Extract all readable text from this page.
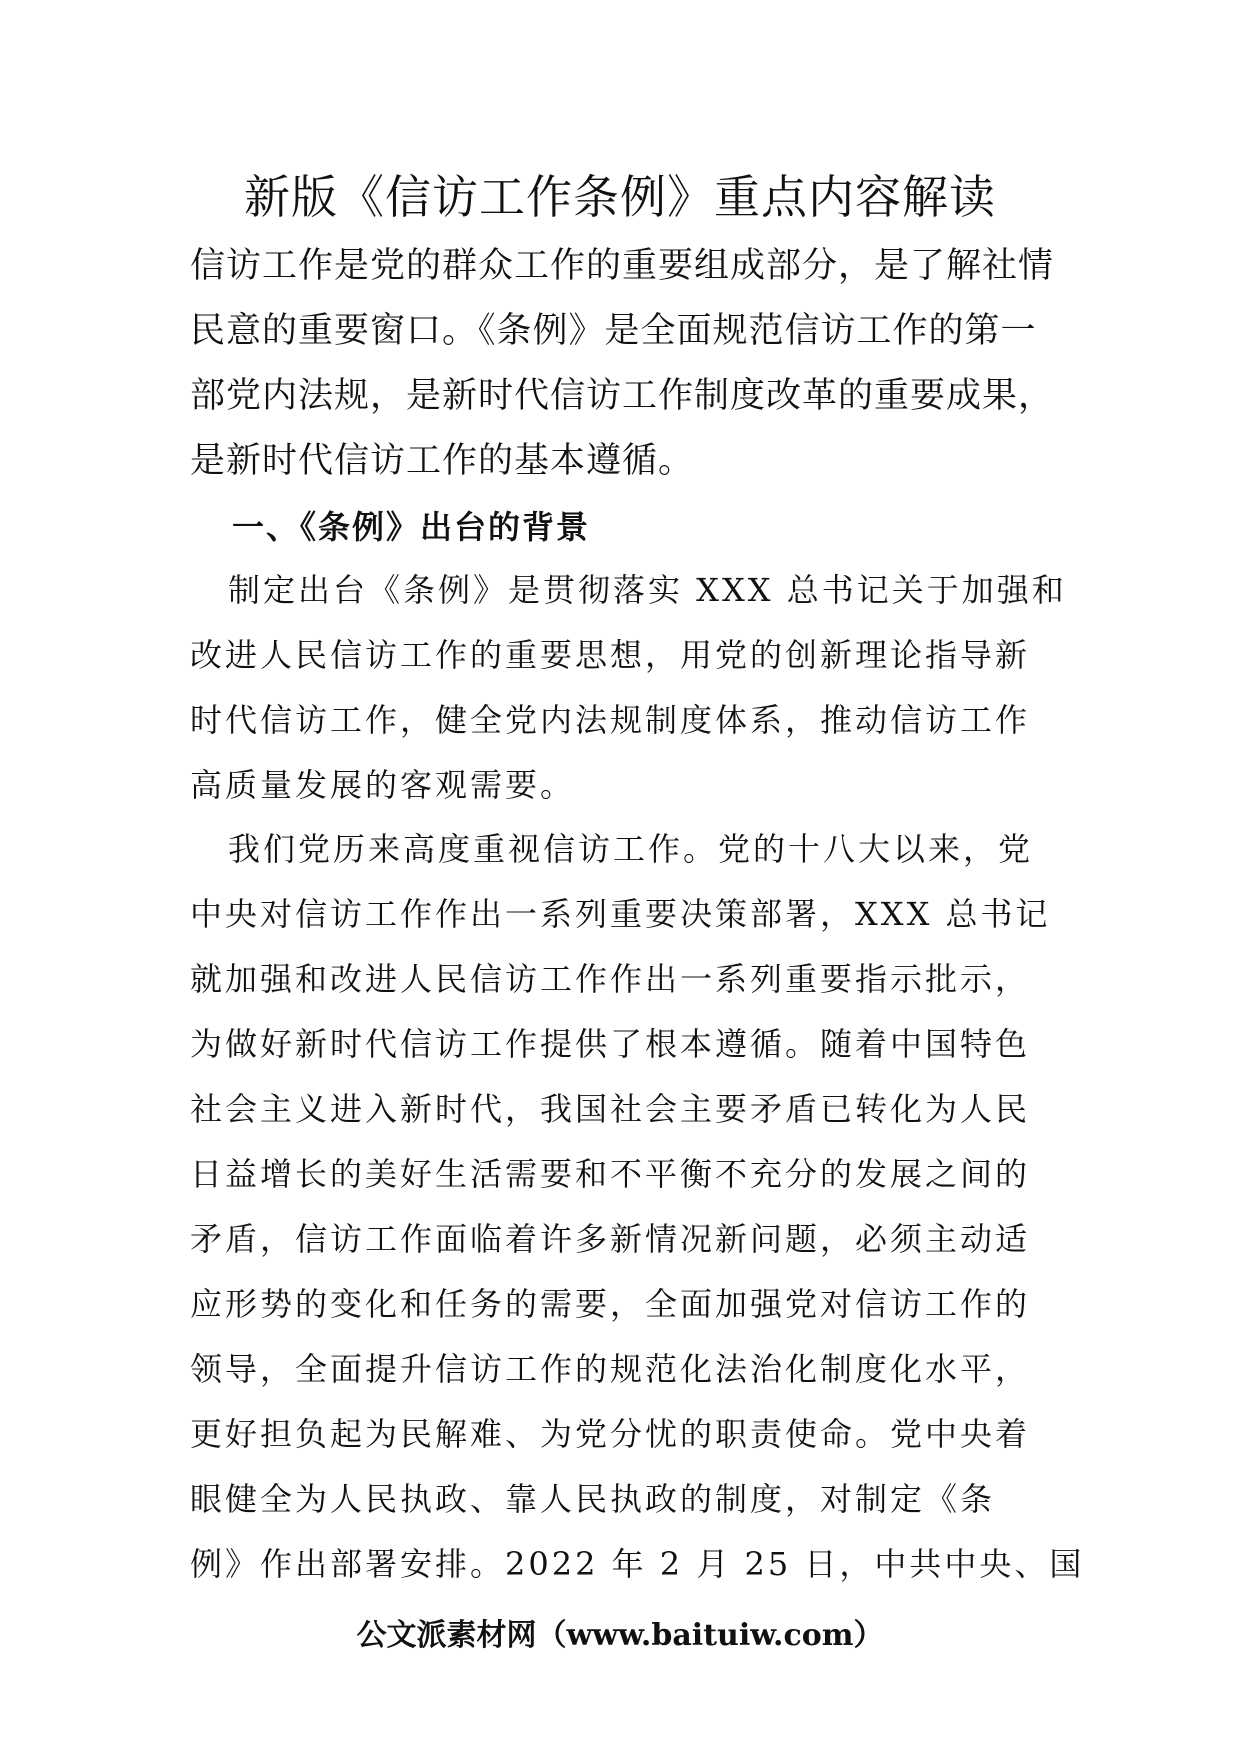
新版《信访工作条例》重点内容解读
信访工作是党的群众工作的重要组成部分，是了解社情
民意的重要窗口。《条例》是全面规范信访工作的第一
部党内法规，是新时代信访工作制度改革的重要成果，
是新时代信访工作的基本遵循。
一、《条例》出台的背景
制定出台《条例》是贯彻落实 XXX 总书记关于加强和
改进人民信访工作的重要思想，用党的创新理论指导新
时代信访工作，健全党内法规制度体系，推动信访工作
高质量发展的客观需要。
我们党历来高度重视信访工作。党的十八大以来，党
中央对信访工作作出一系列重要决策部署，XXX 总书记
就加强和改进人民信访工作作出一系列重要指示批示，
为做好新时代信访工作提供了根本遵循。随着中国特色
社会主义进入新时代，我国社会主要矛盾已转化为人民
日益增长的美好生活需要和不平衡不充分的发展之间的
矛盾，信访工作面临着许多新情况新问题，必须主动适
应形势的变化和任务的需要，全面加强党对信访工作的
领导，全面提升信访工作的规范化法治化制度化水平，
更好担负起为民解难、为党分忧的职责使命。党中央着
眼健全为人民执政、靠人民执政的制度，对制定《条
例》作出部署安排。2022 年 2 月 25 日，中共中央、国
公文派素材网（www.baituiw.com）
